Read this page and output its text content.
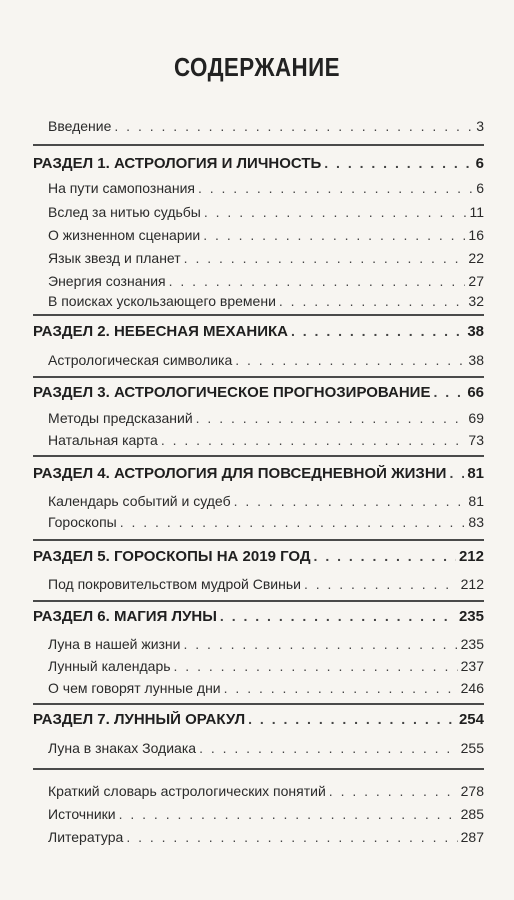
СОДЕРЖАНИЕ
Введение . . .	3
РАЗДЕЛ 1. АСТРОЛОГИЯ И ЛИЧНОСТЬ . . .	6
На пути самопознания . . .	6
Вслед за нитью судьбы . . .	11
О жизненном сценарии . . .	16
Язык звезд и планет . . .	22
Энергия сознания . . .	27
В поисках ускользающего времени . . .	32
РАЗДЕЛ 2. НЕБЕСНАЯ МЕХАНИКА . . .	38
Астрологическая символика . . .	38
РАЗДЕЛ 3. АСТРОЛОГИЧЕСКОЕ ПРОГНОЗИРОВАНИЕ . . . 66
Методы предсказаний . . .	69
Натальная карта . . .	73
РАЗДЕЛ 4. АСТРОЛОГИЯ ДЛЯ ПОВСЕДНЕВНОЙ ЖИЗНИ . . . 81
Календарь событий и судеб . . .	81
Гороскопы . . .	83
РАЗДЕЛ 5. ГОРОСКОПЫ НА 2019 ГОД . . .	212
Под покровительством мудрой Свиньи . . .	212
РАЗДЕЛ 6. МАГИЯ ЛУНЫ . . .	235
Луна в нашей жизни . . .	235
Лунный календарь . . .	237
О чем говорят лунные дни . . .	246
РАЗДЕЛ 7. ЛУННЫЙ ОРАКУЛ . . .	254
Луна в знаках Зодиака . . .	255
Краткий словарь астрологических понятий . . .	278
Источники . . .	285
Литература . . .	287
